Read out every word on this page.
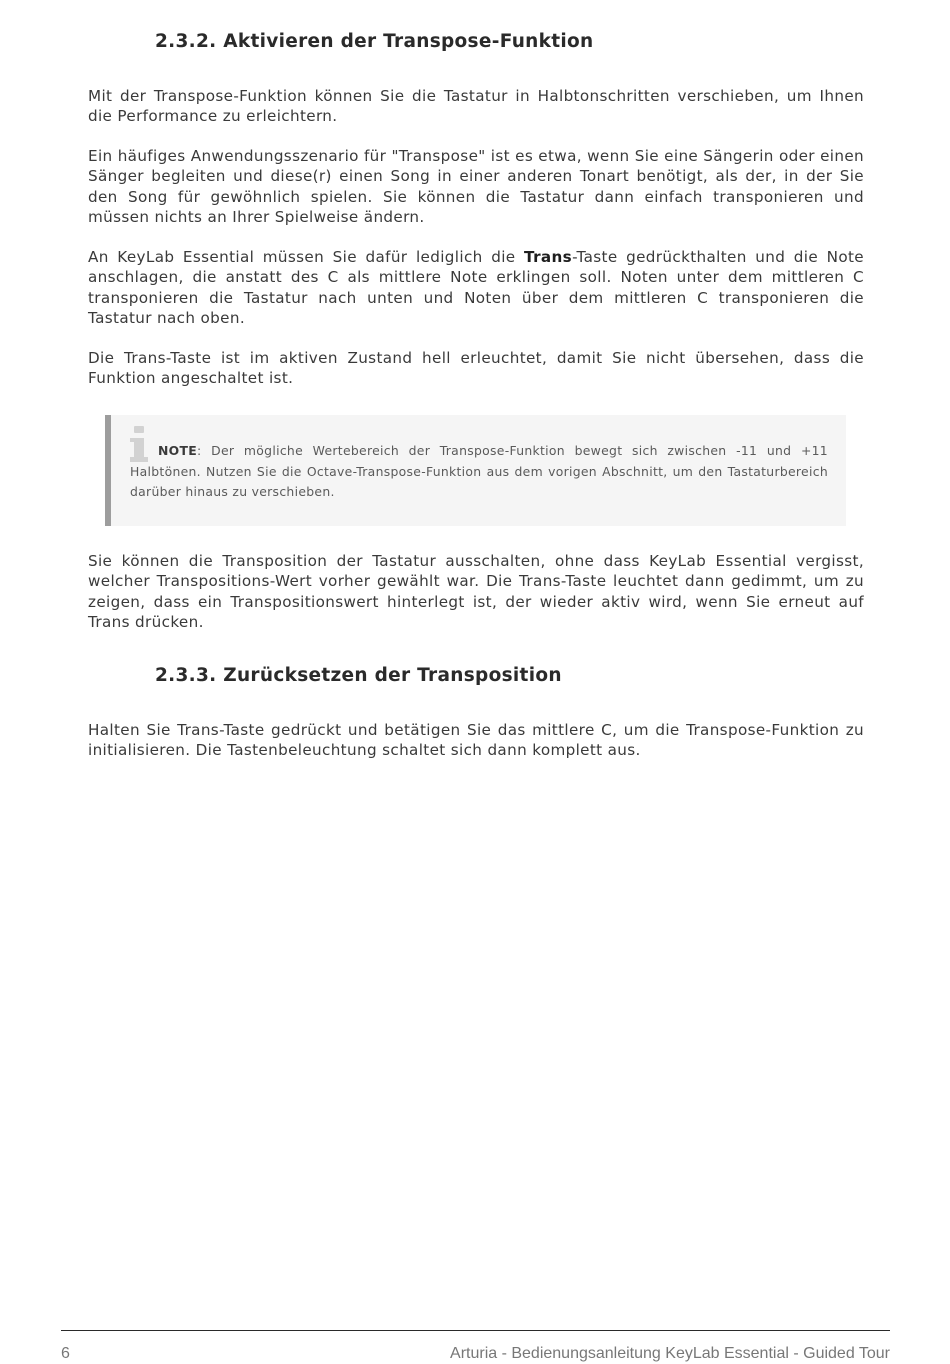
2.3.2. Aktivieren der Transpose-Funktion

Mit der Transpose-Funktion können Sie die Tastatur in Halbtonschritten verschieben, um Ihnen die Performance zu erleichtern.

Ein häufiges Anwendungsszenario für "Transpose" ist es etwa, wenn Sie eine Sängerin oder einen Sänger begleiten und diese(r) einen Song in einer anderen Tonart benötigt, als der, in der Sie den Song für gewöhnlich spielen. Sie können die Tastatur dann einfach transponieren und müssen nichts an Ihrer Spielweise ändern.

An KeyLab Essential müssen Sie dafür lediglich die Trans-Taste gedrückthalten und die Note anschlagen, die anstatt des C als mittlere Note erklingen soll. Noten unter dem mittleren C transponieren die Tastatur nach unten und Noten über dem mittleren C transponieren die Tastatur nach oben.

Die Trans-Taste ist im aktiven Zustand hell erleuchtet, damit Sie nicht übersehen, dass die Funktion angeschaltet ist.

NOTE: Der mögliche Wertebereich der Transpose-Funktion bewegt sich zwischen -11 und +11 Halbtönen. Nutzen Sie die Octave-Transpose-Funktion aus dem vorigen Abschnitt, um den Tastaturbereich darüber hinaus zu verschieben.

Sie können die Transposition der Tastatur ausschalten, ohne dass KeyLab Essential vergisst, welcher Transpositions-Wert vorher gewählt war. Die Trans-Taste leuchtet dann gedimmt, um zu zeigen, dass ein Transpositionswert hinterlegt ist, der wieder aktiv wird, wenn Sie erneut auf Trans drücken.

2.3.3. Zurücksetzen der Transposition

Halten Sie Trans-Taste gedrückt und betätigen Sie das mittlere C, um die Transpose-Funktion zu initialisieren. Die Tastenbeleuchtung schaltet sich dann komplett aus.

6	Arturia - Bedienungsanleitung KeyLab Essential - Guided Tour
